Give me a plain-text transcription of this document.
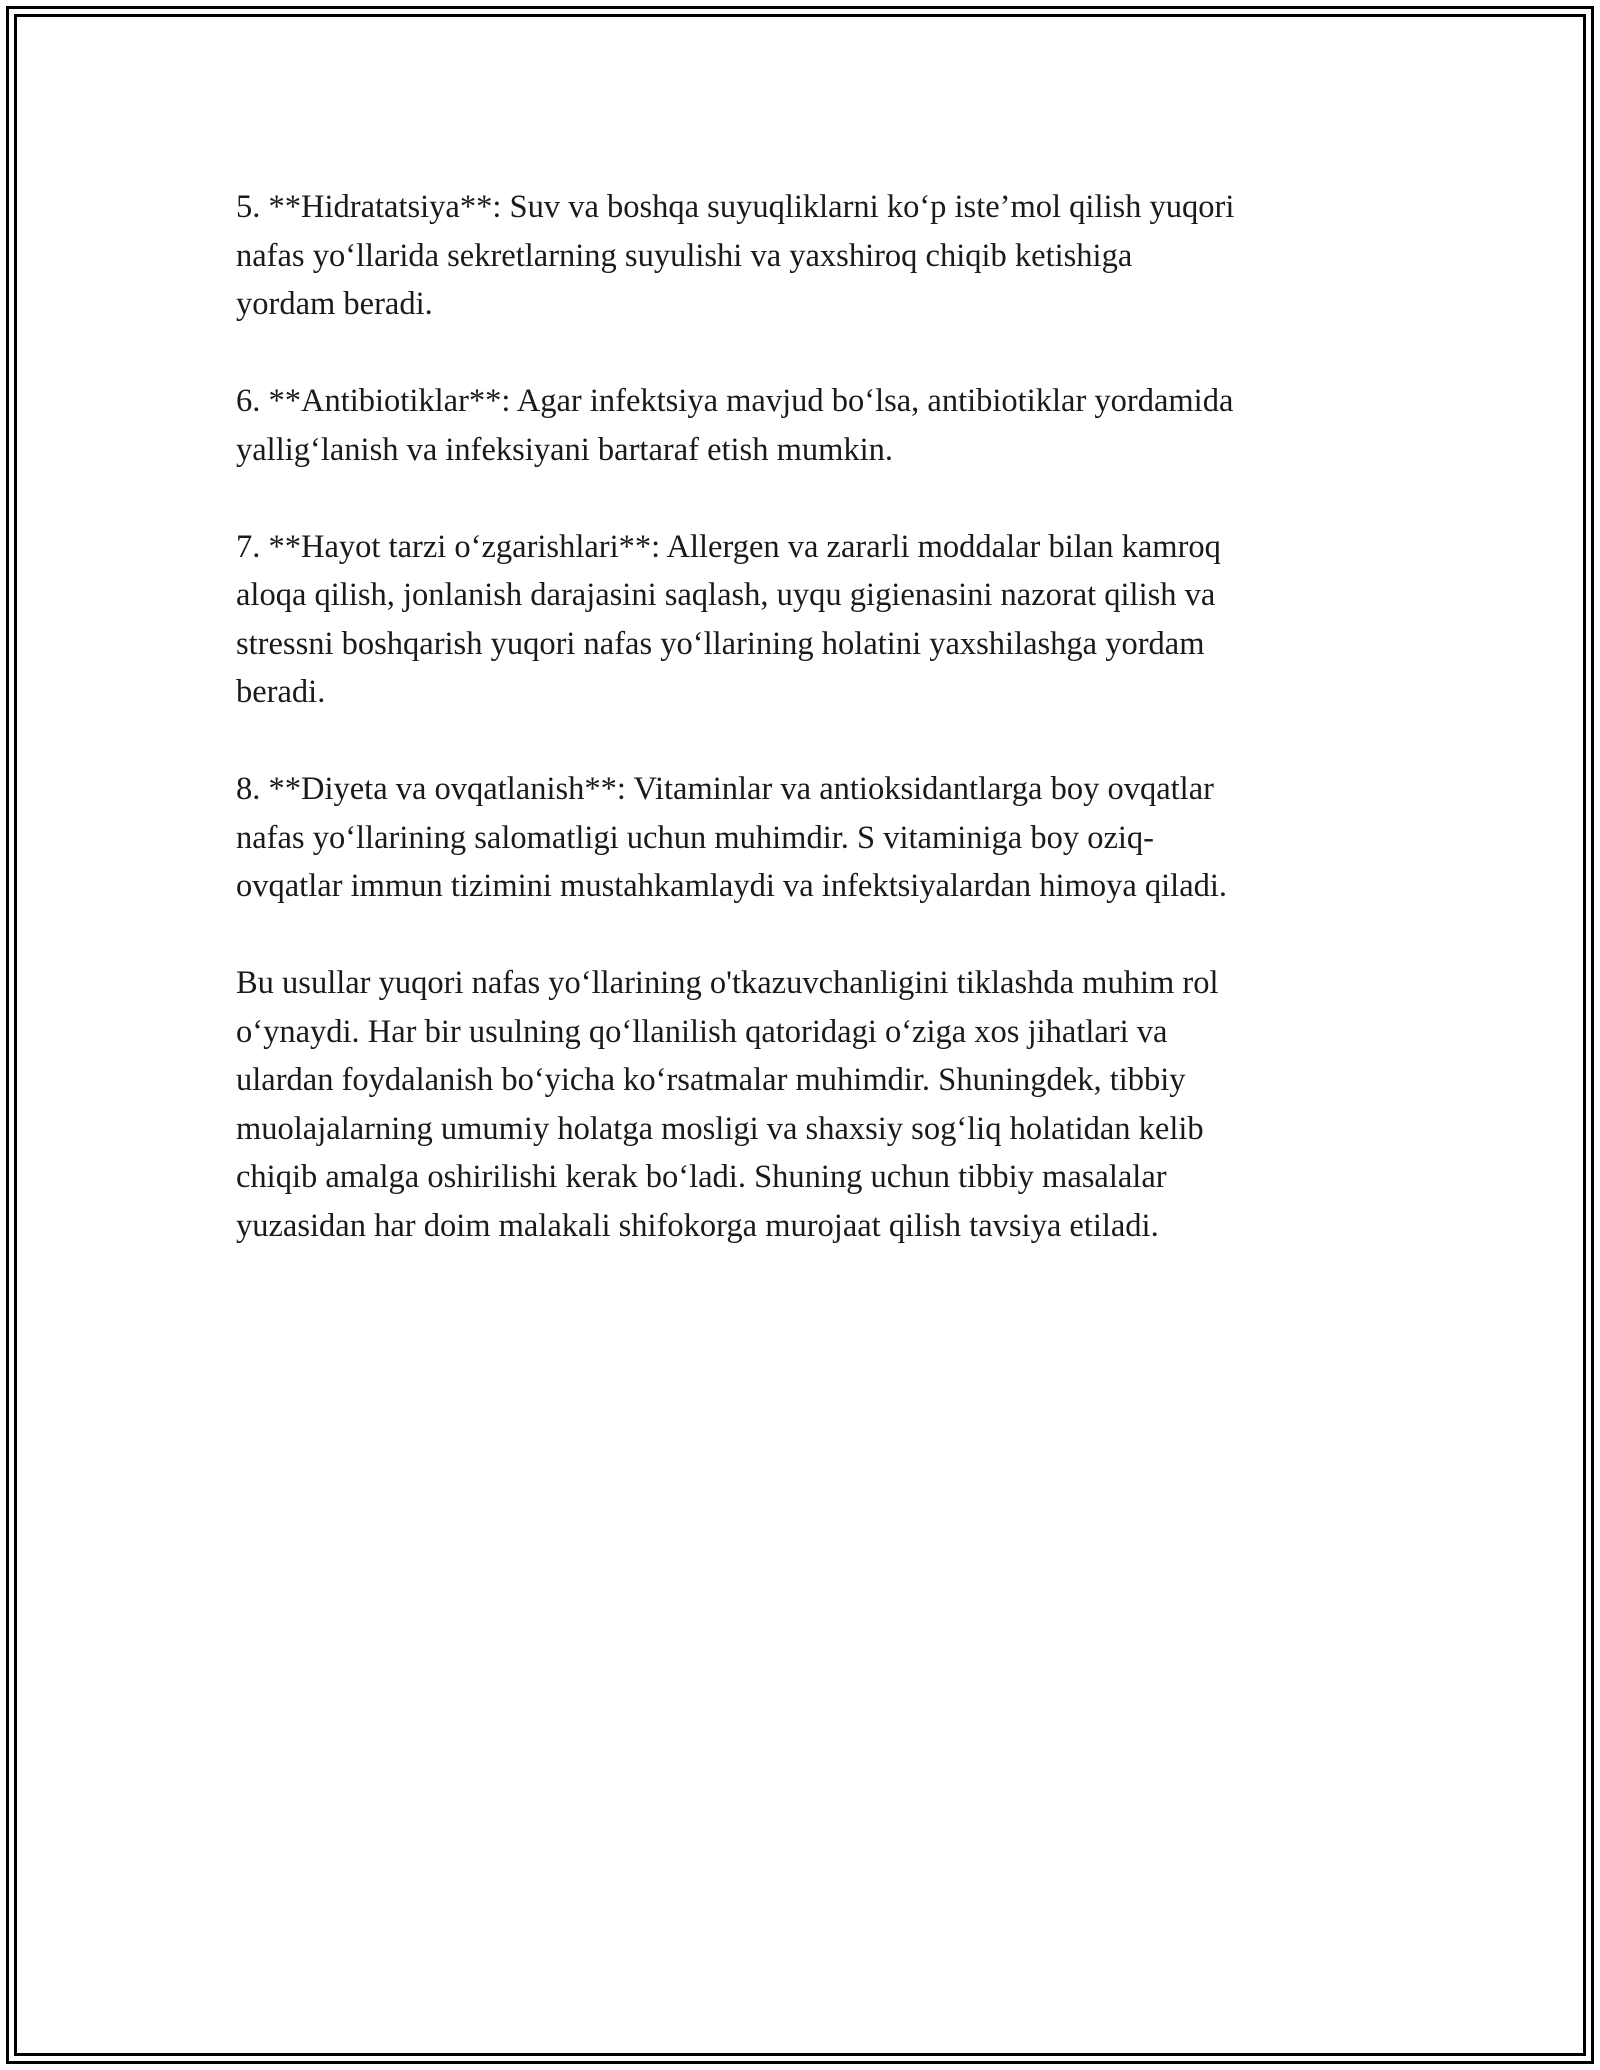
5. **Hidratatsiya**: Suv va boshqa suyuqliklarni ko‘p iste’mol qilish yuqori
nafas yo‘llarida sekretlarning suyulishi va yaxshiroq chiqib ketishiga
yordam beradi.
6. **Antibiotiklar**: Agar infektsiya mavjud bo‘lsa, antibiotiklar yordamida
yallig‘lanish va infeksiyani bartaraf etish mumkin.
7. **Hayot tarzi o‘zgarishlari**: Allergen va zararli moddalar bilan kamroq
aloqa qilish, jonlanish darajasini saqlash, uyqu gigienasini nazorat qilish va
stressni boshqarish yuqori nafas yo‘llarining holatini yaxshilashga yordam
beradi.
8. **Diyeta va ovqatlanish**: Vitaminlar va antioksidantlarga boy ovqatlar
nafas yo‘llarining salomatligi uchun muhimdir. S vitaminiga boy oziq-
ovqatlar immun tizimini mustahkamlaydi va infektsiyalardan himoya qiladi.
Bu usullar yuqori nafas yo‘llarining o'tkazuvchanligini tiklashda muhim rol
o‘ynaydi. Har bir usulning qo‘llanilish qatoridagi o‘ziga xos jihatlari va
ulardan foydalanish bo‘yicha ko‘rsatmalar muhimdir. Shuningdek, tibbiy
muolajalarning umumiy holatga mosligi va shaxsiy sog‘liq holatidan kelib
chiqib amalga oshirilishi kerak bo‘ladi. Shuning uchun tibbiy masalalar
yuzasidan har doim malakali shifokorga murojaat qilish tavsiya etiladi.
